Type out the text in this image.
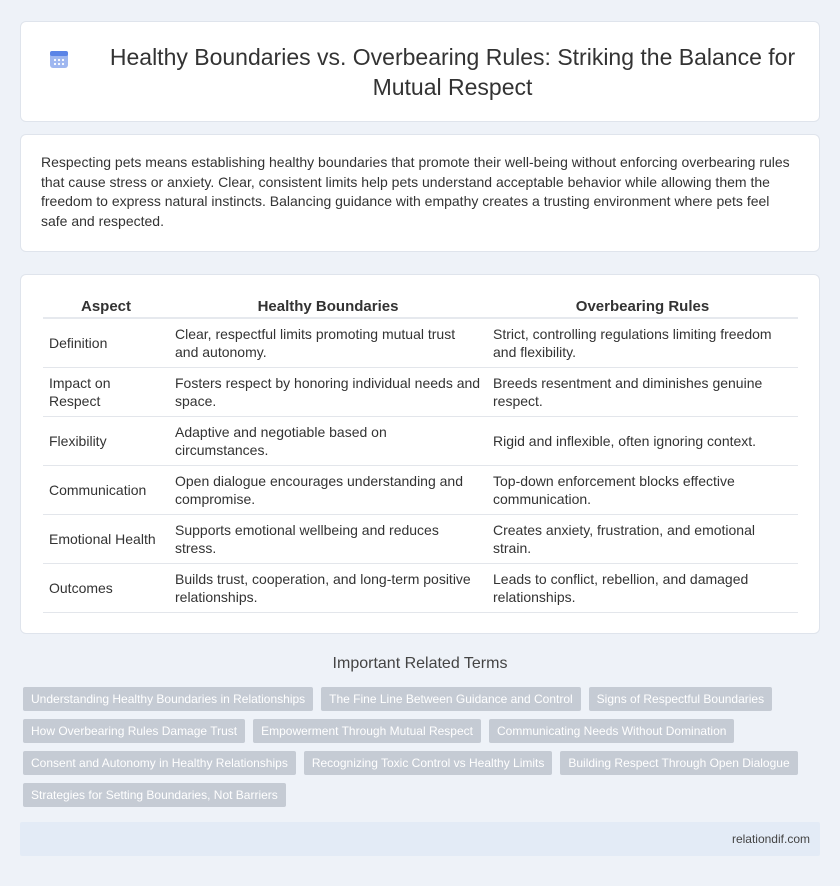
Healthy Boundaries vs. Overbearing Rules: Striking the Balance for Mutual Respect

Respecting pets means establishing healthy boundaries that promote their well-being without enforcing overbearing rules that cause stress or anxiety. Clear, consistent limits help pets understand acceptable behavior while allowing them the freedom to express natural instincts. Balancing guidance with empathy creates a trusting environment where pets feel safe and respected.

Aspect	Healthy Boundaries	Overbearing Rules
Definition	Clear, respectful limits promoting mutual trust and autonomy.	Strict, controlling regulations limiting freedom and flexibility.
Impact on Respect	Fosters respect by honoring individual needs and space.	Breeds resentment and diminishes genuine respect.
Flexibility	Adaptive and negotiable based on circumstances.	Rigid and inflexible, often ignoring context.
Communication	Open dialogue encourages understanding and compromise.	Top-down enforcement blocks effective communication.
Emotional Health	Supports emotional wellbeing and reduces stress.	Creates anxiety, frustration, and emotional strain.
Outcomes	Builds trust, cooperation, and long-term positive relationships.	Leads to conflict, rebellion, and damaged relationships.
Important Related Terms
Understanding Healthy Boundaries in Relationships	The Fine Line Between Guidance and Control	Signs of Respectful Boundaries
How Overbearing Rules Damage Trust	Empowerment Through Mutual Respect	Communicating Needs Without Domination
Consent and Autonomy in Healthy Relationships	Recognizing Toxic Control vs Healthy Limits	Building Respect Through Open Dialogue
Strategies for Setting Boundaries, Not Barriers
relationdif.com
